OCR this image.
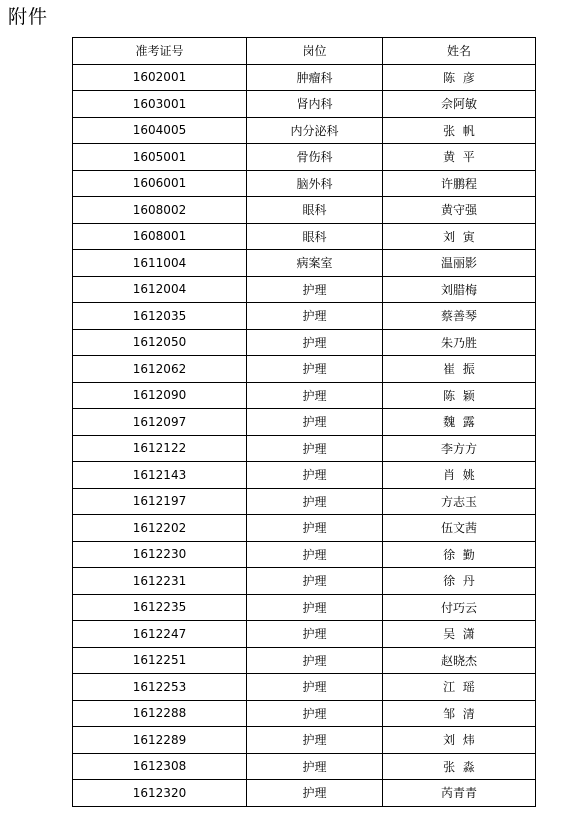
附件
准考证号	岗位	姓名
1602001	肿瘤科	陈  彦
1603001	肾内科	佘阿敏
1604005	内分泌科	张  帆
1605001	骨伤科	黄  平
1606001	脑外科	许鹏程
1608002	眼科	黄守强
1608001	眼科	刘  寅
1611004	病案室	温丽影
1612004	护理	刘腊梅
1612035	护理	蔡善琴
1612050	护理	朱乃胜
1612062	护理	崔  振
1612090	护理	陈  颖
1612097	护理	魏  露
1612122	护理	李方方
1612143	护理	肖  姚
1612197	护理	方志玉
1612202	护理	伍文茜
1612230	护理	徐  勤
1612231	护理	徐  丹
1612235	护理	付巧云
1612247	护理	吴  潇
1612251	护理	赵晓杰
1612253	护理	江  瑶
1612288	护理	邹  清
1612289	护理	刘  炜
1612308	护理	张  淼
1612320	护理	芮青青
